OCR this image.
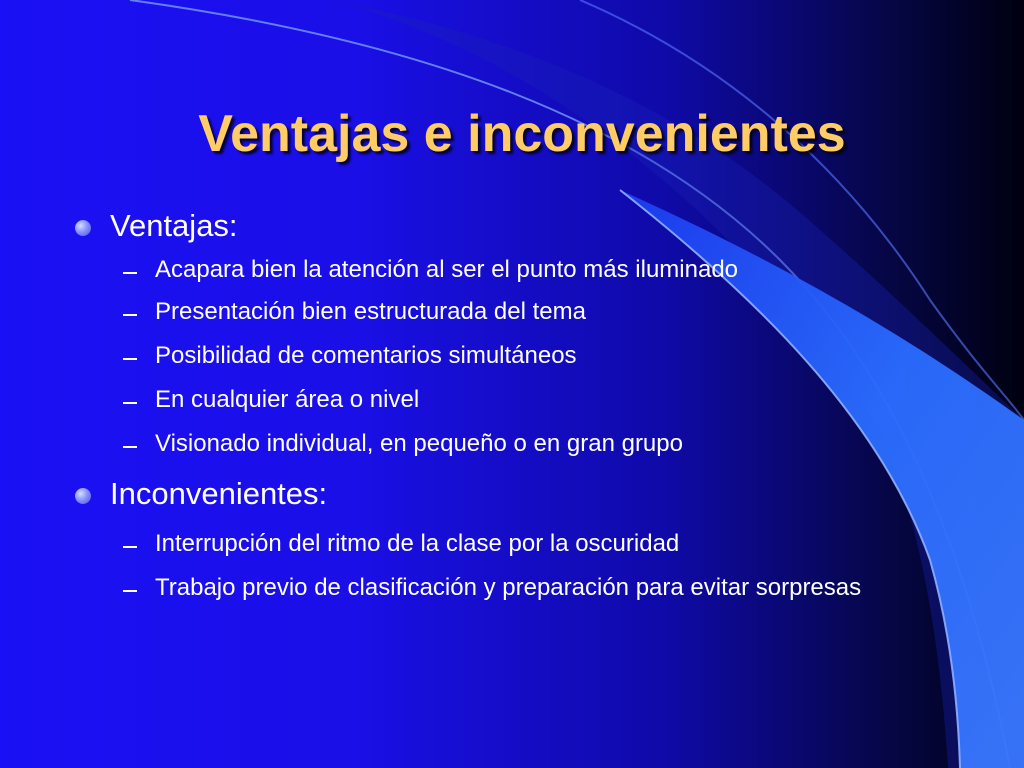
Ventajas e inconvenientes
Ventajas:
Acapara bien la atención al ser el punto más iluminado
Presentación bien estructurada del tema
Posibilidad de comentarios simultáneos
En cualquier área o nivel
Visionado individual, en pequeño o en gran grupo
Inconvenientes:
Interrupción del ritmo de la clase por la oscuridad
Trabajo previo de clasificación y preparación para evitar sorpresas
